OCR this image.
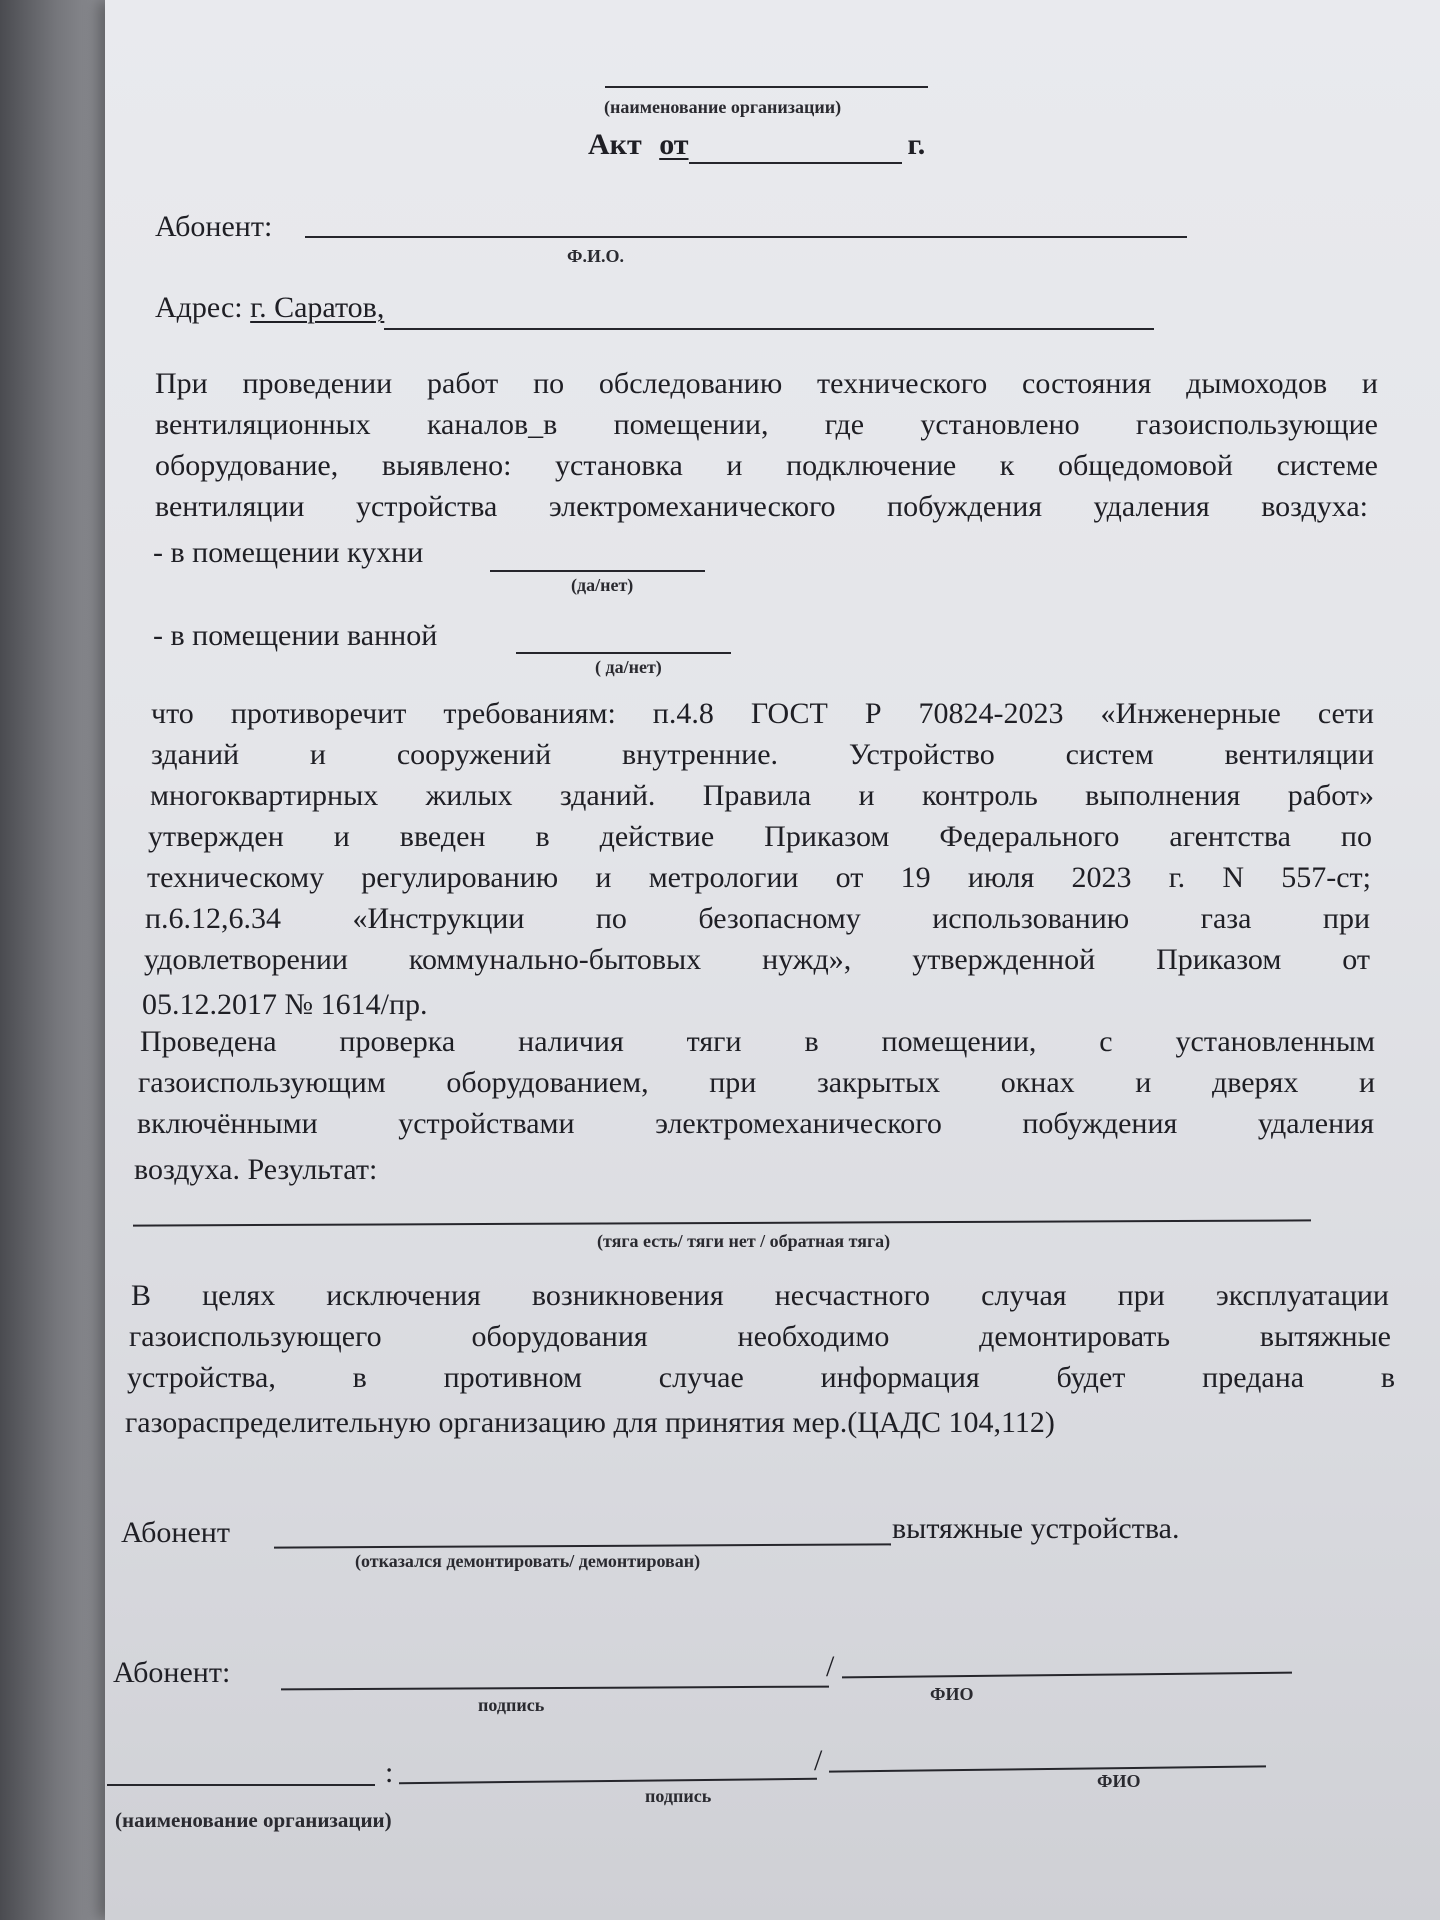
(наименование организации)
Акт от	г.
Абонент:
Ф.И.О.
Адрес: г. Саратов,
При проведении работ по обследованию технического состояния дымоходов и
вентиляционных каналов_в помещении, где установлено газоиспользующие
оборудование, выявлено: установка и подключение к общедомовой системе
вентиляции устройства электромеханического побуждения удаления воздуха:
- в помещении кухни
(да/нет)
- в помещении ванной
( да/нет)
что противоречит требованиям: п.4.8 ГОСТ Р 70824-2023 «Инженерные сети
зданий и сооружений внутренние. Устройство систем вентиляции
многоквартирных жилых зданий. Правила и контроль выполнения работ»
утвержден и введен в действие Приказом Федерального агентства по
техническому регулированию и метрологии от 19 июля 2023 г. N 557-ст;
п.6.12,6.34 «Инструкции по безопасному использованию газа при
удовлетворении коммунально-бытовых нужд», утвержденной Приказом от
05.12.2017 № 1614/пр.
Проведена проверка наличия тяги в помещении, с установленным
газоиспользующим оборудованием, при закрытых окнах и дверях и
включёнными устройствами электромеханического побуждения удаления
воздуха. Результат:
(тяга есть/ тяги нет / обратная тяга)
В целях исключения возникновения несчастного случая при эксплуатации
газоиспользующего оборудования необходимо демонтировать вытяжные
устройства, в противном случае информация будет предана в
газораспределительную организацию для принятия мер.(ЦАДС 104,112)
Абонент	вытяжные устройства.
(отказался демонтировать/ демонтирован)
Абонент:	/
подпись
ФИО
:	/
(наименование организации)
подпись
ФИО
